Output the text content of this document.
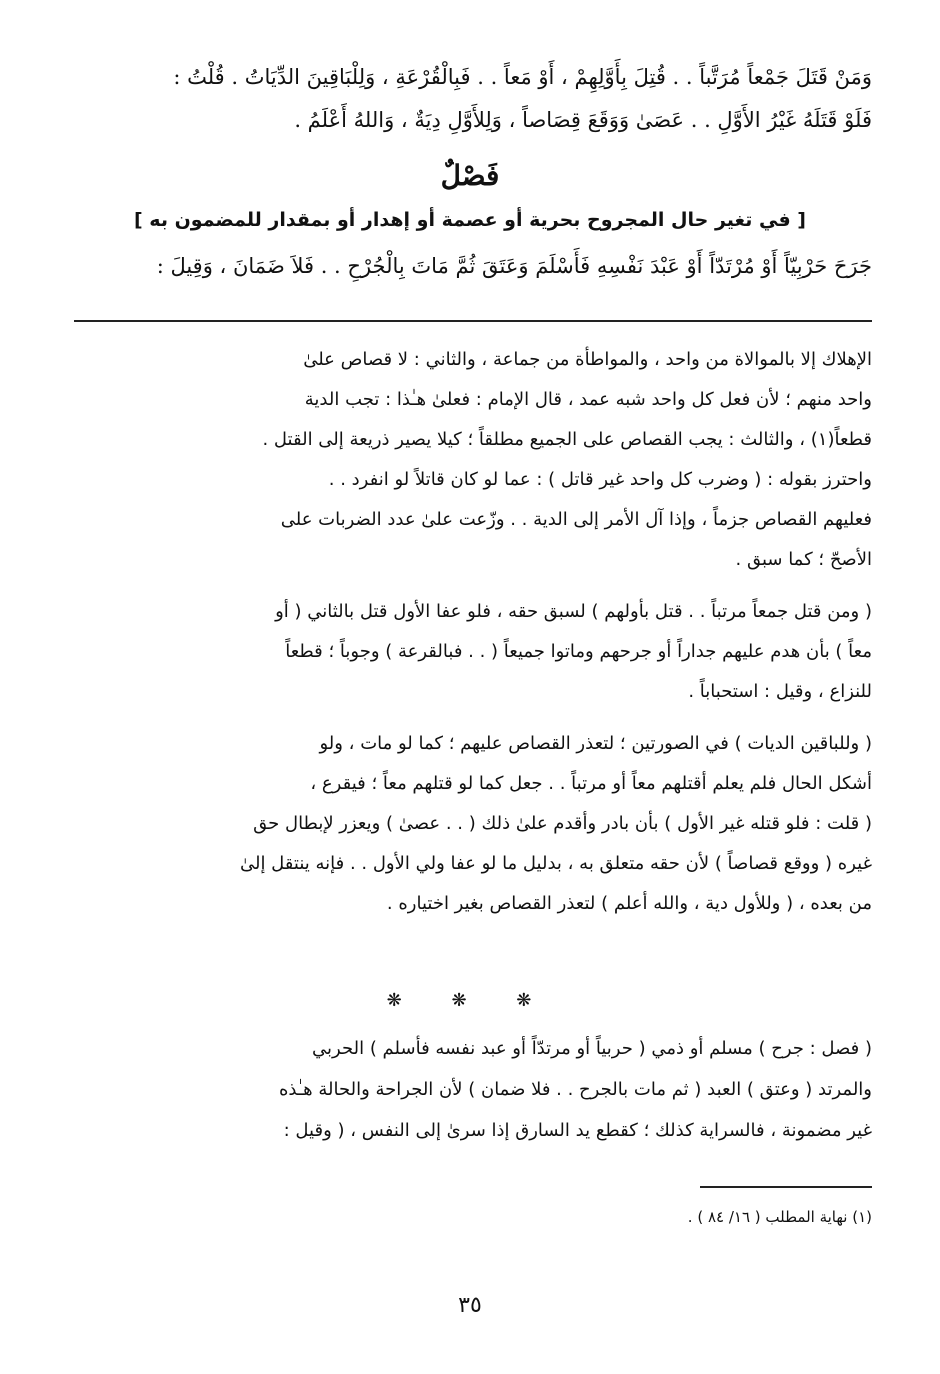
وَمَنْ قَتَلَ جَمْعاً مُرَتَّباً . . قُتِلَ بِأَوَّلِهِمْ ، أَوْ مَعاً . . فَبِالْقُرْعَةِ ، وَلِلْبَاقِينَ الدِّيَاتُ . قُلْتُ :
فَلَوْ قَتَلَهُ غَيْرُ الأَوَّلِ . . عَصَىٰ وَوَقَعَ قِصَاصاً ، وَلِلأَوَّلِ دِيَةٌ ، وَاللهُ أَعْلَمُ .
فَصْلٌ
[ في تغير حال المجروح بحرية أو عصمة أو إهدار أو بمقدار للمضمون به ]
جَرَحَ حَرْبِيّاً أَوْ مُرْتَدّاً أَوْ عَبْدَ نَفْسِهِ فَأَسْلَمَ وَعَتَقَ ثُمَّ مَاتَ بِالْجُرْحِ . . فَلاَ ضَمَانَ ، وَقِيلَ :
الإهلاك إلا بالموالاة من واحد ، والمواطأة من جماعة ، والثاني : لا قصاص علىٰ
واحد منهم ؛ لأن فعل كل واحد شبه عمد ، قال الإمام : فعلىٰ هـٰذا : تجب الدية
قطعاً(١) ، والثالث : يجب القصاص على الجميع مطلقاً ؛ كيلا يصير ذريعة إلى القتل .
واحترز بقوله : ( وضرب كل واحد غير قاتل ) : عما لو كان قاتلاً لو انفرد . .
فعليهم القصاص جزماً ، وإذا آل الأمر إلى الدية . . وزّعت علىٰ عدد الضربات على
الأصحّ ؛ كما سبق .
( ومن قتل جمعاً مرتباً . . قتل بأولهم ) لسبق حقه ، فلو عفا الأول قتل بالثاني ( أو
معاً ) بأن هدم عليهم جداراً أو جرحهم وماتوا جميعاً ( . . فبالقرعة ) وجوباً ؛ قطعاً
للنزاع ، وقيل : استحباباً .
( وللباقين الديات ) في الصورتين ؛ لتعذر القصاص عليهم ؛ كما لو مات ، ولو
أشكل الحال فلم يعلم أقتلهم معاً أو مرتباً . . جعل كما لو قتلهم معاً ؛ فيقرع ،
( قلت : فلو قتله غير الأول ) بأن بادر وأقدم علىٰ ذلك ( . . عصىٰ ) ويعزر لإبطال حق
غيره ( ووقع قصاصاً ) لأن حقه متعلق به ، بدليل ما لو عفا ولي الأول . . فإنه ينتقل إلىٰ
من بعده ، ( وللأول دية ، والله أعلم ) لتعذر القصاص بغير اختياره .
❋ ❋ ❋
( فصل : جرح ) مسلم أو ذمي ( حربياً أو مرتدّاً أو عبد نفسه فأسلم ) الحربي
والمرتد ( وعتق ) العبد ( ثم مات بالجرح . . فلا ضمان ) لأن الجراحة والحالة هـٰذه
غير مضمونة ، فالسراية كذلك ؛ كقطع يد السارق إذا سرىٰ إلى النفس ، ( وقيل :
(١) نهاية المطلب ( ١٦/ ٨٤ ) .
٣٥
